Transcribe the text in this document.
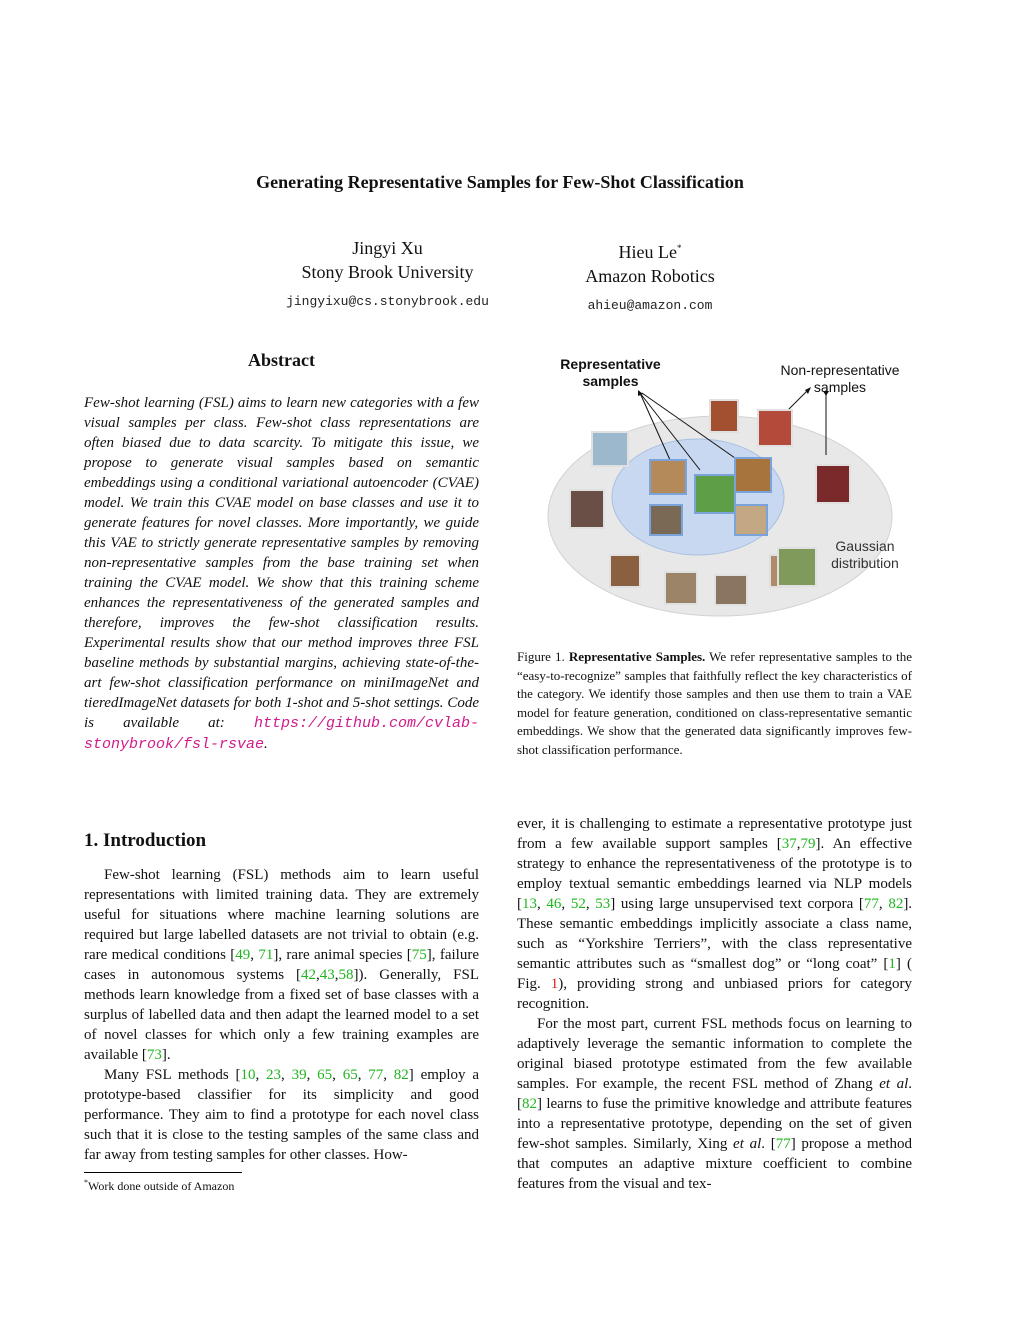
Generating Representative Samples for Few-Shot Classification
Jingyi Xu
Stony Brook University
jingyixu@cs.stonybrook.edu
Hieu Le*
Amazon Robotics
ahieu@amazon.com
Abstract
Few-shot learning (FSL) aims to learn new categories with a few visual samples per class. Few-shot class representations are often biased due to data scarcity. To mitigate this issue, we propose to generate visual samples based on semantic embeddings using a conditional variational autoencoder (CVAE) model. We train this CVAE model on base classes and use it to generate features for novel classes. More importantly, we guide this VAE to strictly generate representative samples by removing non-representative samples from the base training set when training the CVAE model. We show that this training scheme enhances the representativeness of the generated samples and therefore, improves the few-shot classification results. Experimental results show that our method improves three FSL baseline methods by substantial margins, achieving state-of-the-art few-shot classification performance on miniImageNet and tieredImageNet datasets for both 1-shot and 5-shot settings. Code is available at: https://github.com/cvlab-stonybrook/fsl-rsvae.
Representative samples
Non-representative samples
Gaussian
distribution
Figure 1. Representative Samples. We refer representative samples to the “easy-to-recognize” samples that faithfully reflect the key characteristics of the category. We identify those samples and then use them to train a VAE model for feature generation, conditioned on class-representative semantic embeddings. We show that the generated data significantly improves few-shot classification performance.
1. Introduction

Few-shot learning (FSL) methods aim to learn useful representations with limited training data. They are extremely useful for situations where machine learning solutions are required but large labelled datasets are not trivial to obtain (e.g. rare medical conditions [49, 71], rare animal species [75], failure cases in autonomous systems [42,43,58]). Generally, FSL methods learn knowledge from a fixed set of base classes with a surplus of labelled data and then adapt the learned model to a set of novel classes for which only a few training examples are available [73].

Many FSL methods [10, 23, 39, 65, 65, 77, 82] employ a prototype-based classifier for its simplicity and good performance. They aim to find a prototype for each novel class such that it is close to the testing samples of the same class and far away from testing samples for other classes. How-

ever, it is challenging to estimate a representative prototype just from a few available support samples [37,79]. An effective strategy to enhance the representativeness of the prototype is to employ textual semantic embeddings learned via NLP models [13, 46, 52, 53] using large unsupervised text corpora [77, 82]. These semantic embeddings implicitly associate a class name, such as “Yorkshire Terriers”, with the class representative semantic attributes such as “smallest dog” or “long coat” [1] ( Fig. 1), providing strong and unbiased priors for category recognition.

For the most part, current FSL methods focus on learning to adaptively leverage the semantic information to complete the original biased prototype estimated from the few available samples. For example, the recent FSL method of Zhang et al. [82] learns to fuse the primitive knowledge and attribute features into a representative prototype, depending on the set of given few-shot samples. Similarly, Xing et al. [77] propose a method that computes an adaptive mixture coefficient to combine features from the visual and tex-

*Work done outside of Amazon
